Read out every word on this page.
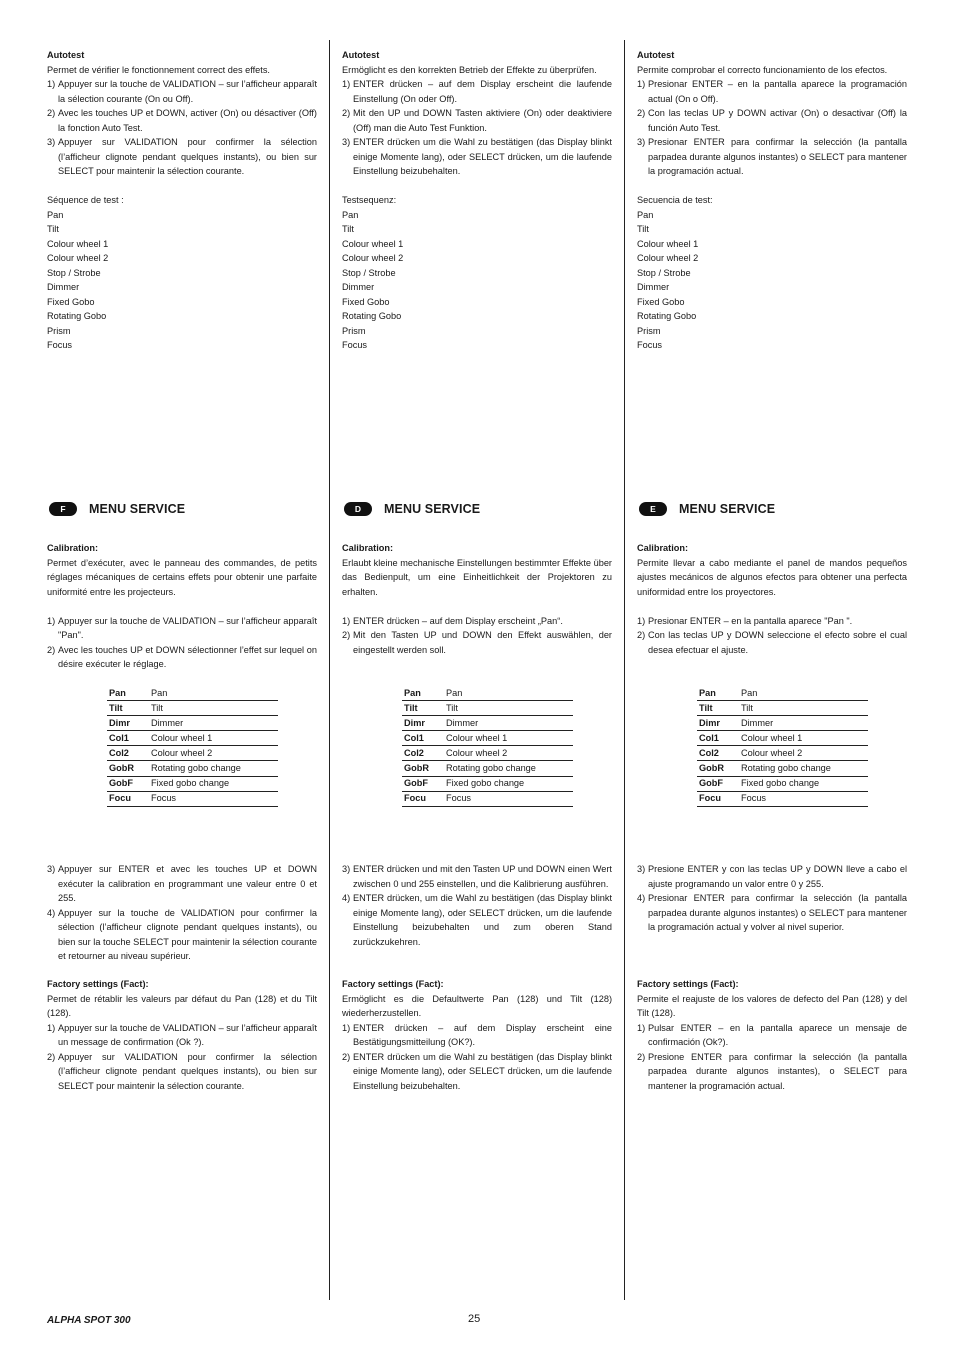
Autotest

Permet de vérifier le fonctionnement correct des effets.

1) Appuyer sur la touche de VALIDATION – sur l’afficheur apparaît la sélection courante (On ou Off).
2) Avec les touches UP et DOWN, activer (On) ou désactiver (Off) la fonction Auto Test.
3) Appuyer sur VALIDATION pour confirmer la sélection (l’afficheur clignote pendant quelques instants), ou bien sur SELECT pour maintenir la sélection courante.

Séquence de test :

Pan

Tilt

Colour wheel 1

Colour wheel 2

Stop / Strobe

Dimmer

Fixed Gobo

Rotating Gobo

Prism

Focus

F	MENU SERVICE

Calibration:

Permet d’exécuter, avec le panneau des commandes, de petits réglages mécaniques de certains effets pour obtenir une parfaite uniformité entre les projecteurs.

1) Appuyer sur la touche de VALIDATION – sur l’afficheur apparaît "Pan".
2) Avec les touches UP et DOWN sélectionner l’effet sur lequel on désire exécuter le réglage.
Pan	Pan
Tilt	Tilt
Dimr	Dimmer
Col1	Colour wheel 1
Col2	Colour wheel 2
GobR	Rotating gobo change
GobF	Fixed gobo change
Focu	Focus
3) Appuyer sur ENTER et avec les touches UP et DOWN exécuter la calibration en programmant une valeur entre 0 et 255.
4) Appuyer sur la touche de VALIDATION pour confirmer la sélection (l’afficheur clignote pendant quelques instants), ou bien sur la touche SELECT pour maintenir la sélection courante et retourner au niveau supérieur.

Factory settings (Fact):

Permet de rétablir les valeurs par défaut du Pan (128) et du Tilt (128).

1) Appuyer sur la touche de VALIDATION – sur l’afficheur apparaît un message de confirmation (Ok ?).
2) Appuyer sur VALIDATION pour confirmer la sélection (l’afficheur clignote pendant quelques instants), ou bien sur SELECT pour maintenir la sélection courante.

Autotest

Ermöglicht es den korrekten Betrieb der Effekte zu überprüfen.

1) ENTER drücken – auf dem Display erscheint die laufende Einstellung (On oder Off).
2) Mit den UP und DOWN Tasten aktiviere (On) oder deaktiviere (Off) man die Auto Test Funktion.
3) ENTER drücken um die Wahl zu bestätigen (das Display blinkt einige Momente lang), oder SELECT drücken, um die laufende Einstellung beizubehalten.

Testsequenz:

Pan

Tilt

Colour wheel 1

Colour wheel 2

Stop / Strobe

Dimmer

Fixed Gobo

Rotating Gobo

Prism

Focus

D	MENU SERVICE

Calibration:

Erlaubt kleine mechanische Einstellungen bestimmter Effekte über das Bedienpult, um eine Einheitlichkeit der Projektoren zu erhalten.

1) ENTER drücken – auf dem Display erscheint „Pan“.
2) Mit den Tasten UP und DOWN den Effekt auswählen, der eingestellt werden soll.
Pan	Pan
Tilt	Tilt
Dimr	Dimmer
Col1	Colour wheel 1
Col2	Colour wheel 2
GobR	Rotating gobo change
GobF	Fixed gobo change
Focu	Focus
3) ENTER drücken und mit den Tasten UP und DOWN einen Wert zwischen 0 und 255 einstellen, und die Kalibrierung ausführen.
4) ENTER drücken, um die Wahl zu bestätigen (das Display blinkt einige Momente lang), oder SELECT drücken, um die laufende Einstellung beizubehalten und zum oberen Stand zurückzukehren.

Factory settings (Fact):

Ermöglicht es die Defaultwerte Pan (128) und Tilt (128) wiederherzustellen.

1) ENTER drücken – auf dem Display erscheint eine Bestätigungsmitteilung (OK?).
2) ENTER drücken um die Wahl zu bestätigen (das Display blinkt einige Momente lang), oder SELECT drücken, um die laufende Einstellung beizubehalten.

Autotest

Permite comprobar el correcto funcionamiento de los efectos.

1) Presionar ENTER – en la pantalla aparece la programación actual (On o Off).
2) Con las teclas UP y DOWN activar (On) o desactivar (Off) la función Auto Test.
3) Presionar ENTER para confirmar la selección (la pantalla parpadea durante algunos instantes) o SELECT para mantener la programación actual.

Secuencia de test:

Pan

Tilt

Colour wheel 1

Colour wheel 2

Stop / Strobe

Dimmer

Fixed Gobo

Rotating Gobo

Prism

Focus

E	MENU SERVICE

Calibration:

Permite llevar a cabo mediante el panel de mandos pequeños ajustes mecánicos de algunos efectos para obtener una perfecta uniformidad entre los proyectores.

1) Presionar ENTER – en la pantalla aparece "Pan ".
2) Con las teclas UP y DOWN seleccione el efecto sobre el cual desea efectuar el ajuste.
Pan	Pan
Tilt	Tilt
Dimr	Dimmer
Col1	Colour wheel 1
Col2	Colour wheel 2
GobR	Rotating gobo change
GobF	Fixed gobo change
Focu	Focus
3) Presione ENTER y con las teclas UP y DOWN lleve a cabo el ajuste programando un valor entre 0 y 255.
4) Presionar ENTER para confirmar la selección (la pantalla parpadea durante algunos instantes) o SELECT para mantener la programación actual y volver al nivel superior.

Factory settings (Fact):

Permite el reajuste de los valores de defecto del Pan (128) y del Tilt (128).

1) Pulsar ENTER – en la pantalla aparece un mensaje de confirmación (Ok?).
2) Presione ENTER para confirmar la selección (la pantalla parpadea durante algunos instantes), o SELECT para mantener la programación actual.
ALPHA SPOT 300	25
